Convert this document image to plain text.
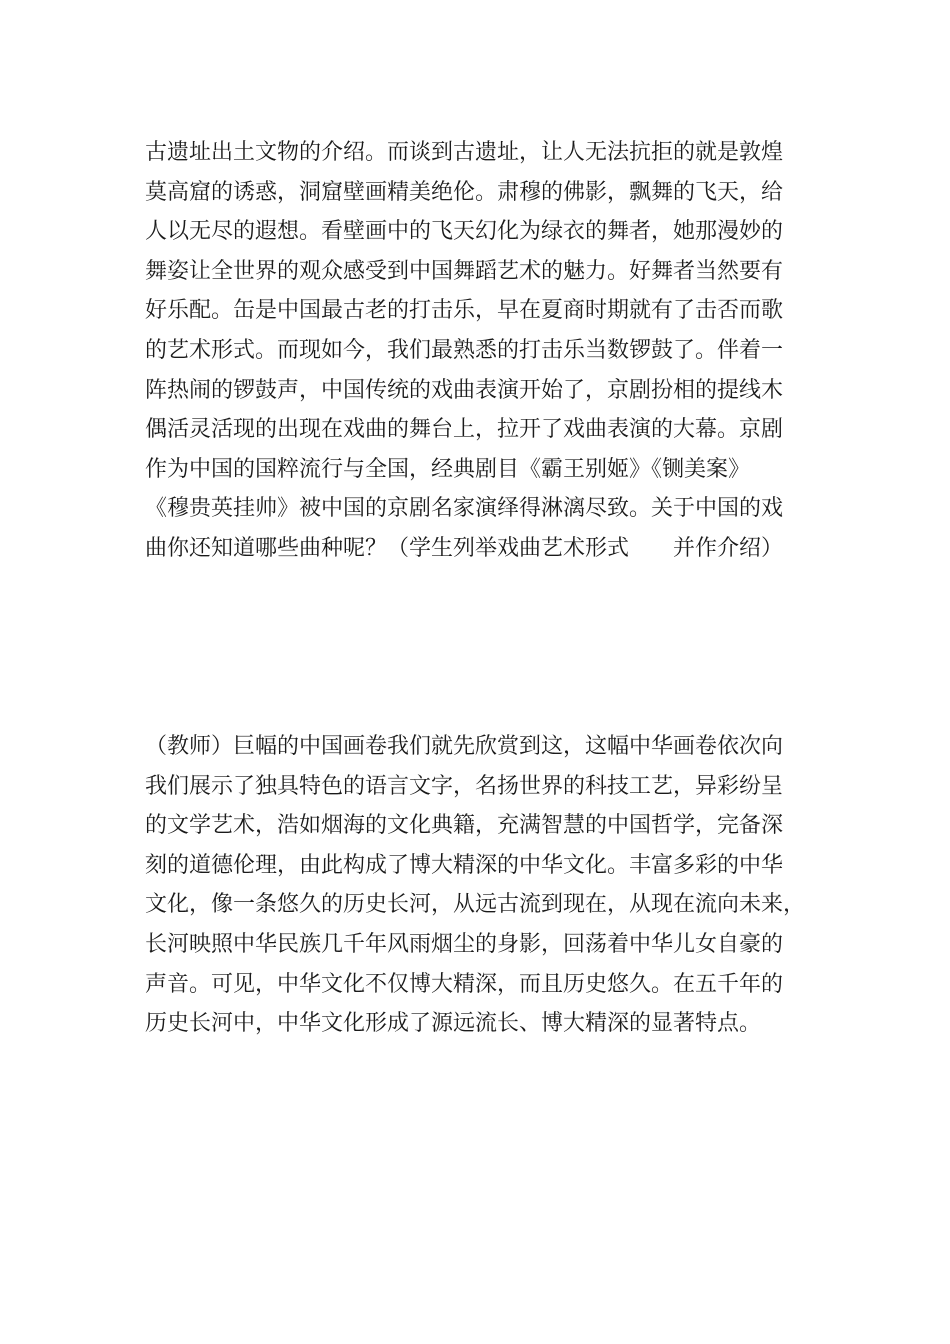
古遗址出土文物的介绍。而谈到古遗址，让人无法抗拒的就是敦煌
莫高窟的诱惑，洞窟壁画精美绝伦。肃穆的佛影，飘舞的飞天，给
人以无尽的遐想。看壁画中的飞天幻化为绿衣的舞者，她那漫妙的
舞姿让全世界的观众感受到中国舞蹈艺术的魅力。好舞者当然要有
好乐配。缶是中国最古老的打击乐，早在夏商时期就有了击否而歌
的艺术形式。而现如今，我们最熟悉的打击乐当数锣鼓了。伴着一
阵热闹的锣鼓声，中国传统的戏曲表演开始了，京剧扮相的提线木
偶活灵活现的出现在戏曲的舞台上，拉开了戏曲表演的大幕。京剧
作为中国的国粹流行与全国，经典剧目《霸王别姬》《铡美案》
《穆贵英挂帅》被中国的京剧名家演绎得淋漓尽致。关于中国的戏
曲你还知道哪些曲种呢？（学生列举戏曲艺术形式　　并作介绍）
（教师）巨幅的中国画卷我们就先欣赏到这，这幅中华画卷依次向
我们展示了独具特色的语言文字，名扬世界的科技工艺，异彩纷呈
的文学艺术，浩如烟海的文化典籍，充满智慧的中国哲学，完备深
刻的道德伦理，由此构成了博大精深的中华文化。丰富多彩的中华
文化，像一条悠久的历史长河，从远古流到现在，从现在流向未来，
长河映照中华民族几千年风雨烟尘的身影，回荡着中华儿女自豪的
声音。可见，中华文化不仅博大精深，而且历史悠久。在五千年的
历史长河中，中华文化形成了源远流长、博大精深的显著特点。
